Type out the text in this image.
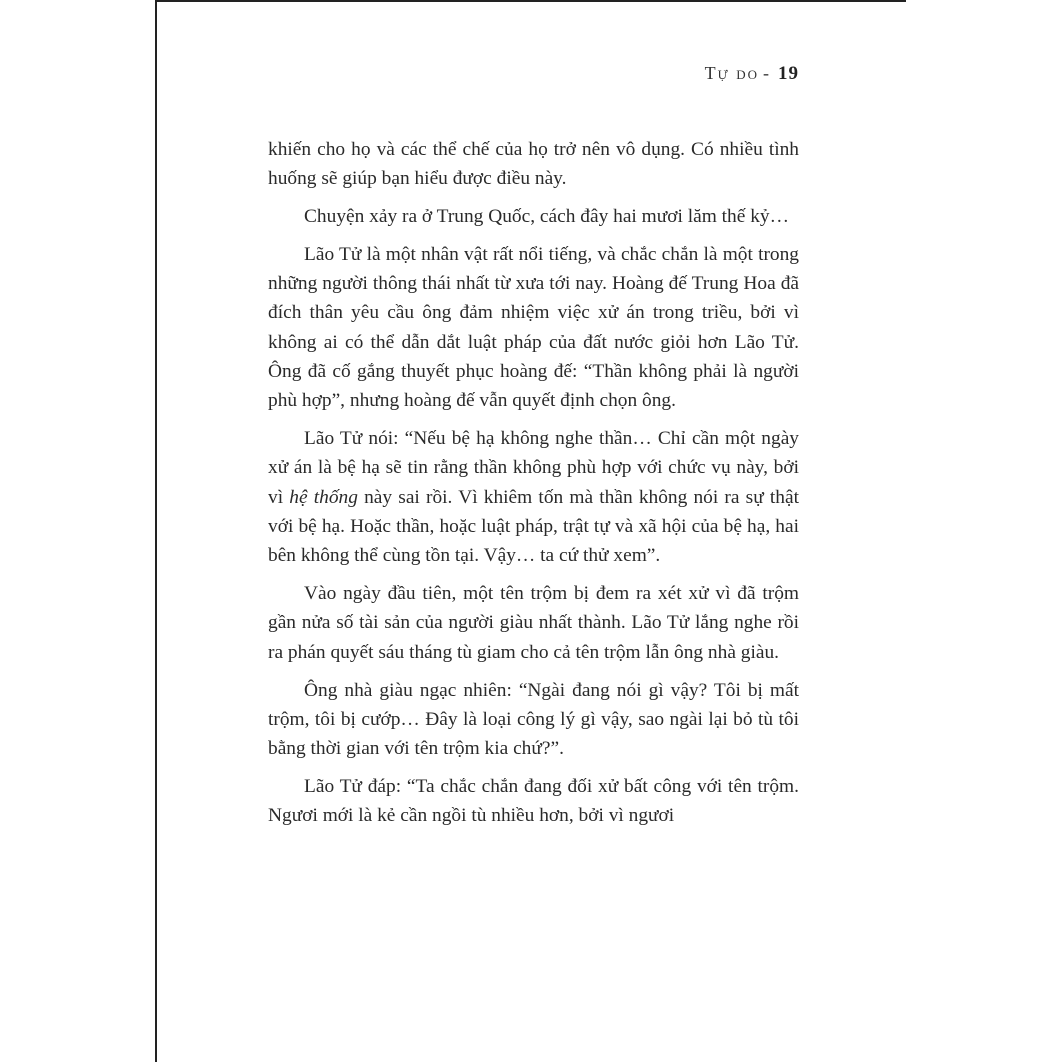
Tự do - 19

khiến cho họ và các thể chế của họ trở nên vô dụng. Có nhiều tình huống sẽ giúp bạn hiểu được điều này.

Chuyện xảy ra ở Trung Quốc, cách đây hai mươi lăm thế kỷ…

Lão Tử là một nhân vật rất nổi tiếng, và chắc chắn là một trong những người thông thái nhất từ xưa tới nay. Hoàng đế Trung Hoa đã đích thân yêu cầu ông đảm nhiệm việc xử án trong triều, bởi vì không ai có thể dẫn dắt luật pháp của đất nước giỏi hơn Lão Tử. Ông đã cố gắng thuyết phục hoàng đế: “Thần không phải là người phù hợp”, nhưng hoàng đế vẫn quyết định chọn ông.

Lão Tử nói: “Nếu bệ hạ không nghe thần… Chỉ cần một ngày xử án là bệ hạ sẽ tin rằng thần không phù hợp với chức vụ này, bởi vì hệ thống này sai rồi. Vì khiêm tốn mà thần không nói ra sự thật với bệ hạ. Hoặc thần, hoặc luật pháp, trật tự và xã hội của bệ hạ, hai bên không thể cùng tồn tại. Vậy… ta cứ thử xem”.

Vào ngày đầu tiên, một tên trộm bị đem ra xét xử vì đã trộm gần nửa số tài sản của người giàu nhất thành. Lão Tử lắng nghe rồi ra phán quyết sáu tháng tù giam cho cả tên trộm lẫn ông nhà giàu.

Ông nhà giàu ngạc nhiên: “Ngài đang nói gì vậy? Tôi bị mất trộm, tôi bị cướp… Đây là loại công lý gì vậy, sao ngài lại bỏ tù tôi bằng thời gian với tên trộm kia chứ?”.

Lão Tử đáp: “Ta chắc chắn đang đối xử bất công với tên trộm. Ngươi mới là kẻ cần ngồi tù nhiều hơn, bởi vì ngươi
